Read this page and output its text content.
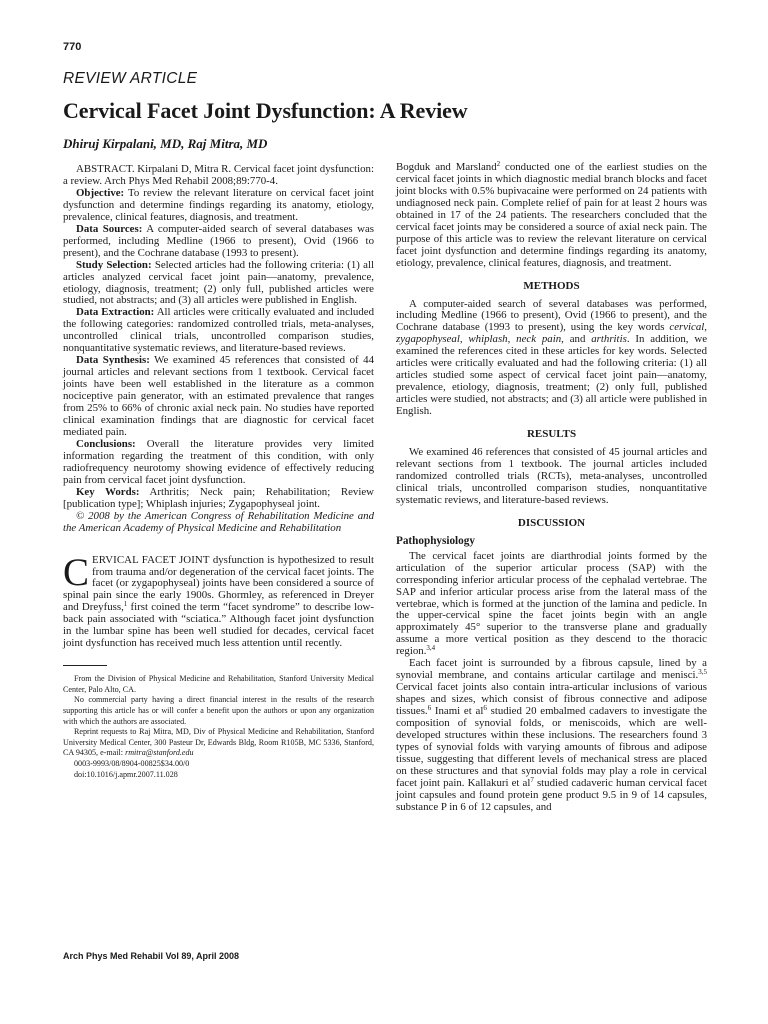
770
REVIEW ARTICLE
Cervical Facet Joint Dysfunction: A Review
Dhiruj Kirpalani, MD, Raj Mitra, MD

ABSTRACT. Kirpalani D, Mitra R. Cervical facet joint dysfunction: a review. Arch Phys Med Rehabil 2008;89:770-4.

Objective: To review the relevant literature on cervical facet joint dysfunction and determine findings regarding its anatomy, etiology, prevalence, clinical features, diagnosis, and treatment.

Data Sources: A computer-aided search of several databases was performed, including Medline (1966 to present), Ovid (1966 to present), and the Cochrane database (1993 to present).

Study Selection: Selected articles had the following criteria: (1) all articles analyzed cervical facet joint pain—anatomy, prevalence, etiology, diagnosis, treatment; (2) only full, published articles were studied, not abstracts; and (3) all articles were published in English.

Data Extraction: All articles were critically evaluated and included the following categories: randomized controlled trials, meta-analyses, uncontrolled clinical trials, uncontrolled comparison studies, nonquantitative systematic reviews, and literature-based reviews.

Data Synthesis: We examined 45 references that consisted of 44 journal articles and relevant sections from 1 textbook. Cervical facet joints have been well established in the literature as a common nociceptive pain generator, with an estimated prevalence that ranges from 25% to 66% of chronic axial neck pain. No studies have reported clinical examination findings that are diagnostic for cervical facet mediated pain.

Conclusions: Overall the literature provides very limited information regarding the treatment of this condition, with only radiofrequency neurotomy showing evidence of effectively reducing pain from cervical facet joint dysfunction.

Key Words: Arthritis; Neck pain; Rehabilitation; Review [publication type]; Whiplash injuries; Zygapophyseal joint.

© 2008 by the American Congress of Rehabilitation Medicine and the American Academy of Physical Medicine and Rehabilitation

CERVICAL FACET JOINT dysfunction is hypothesized to result from trauma and/or degeneration of the cervical facet joints. The facet (or zygapophyseal) joints have been considered a source of spinal pain since the early 1900s. Ghormley, as referenced in Dreyer and Dreyfuss,$^1$ first coined the term “facet syndrome” to describe low-back pain associated with “sciatica.” Although facet joint dysfunction in the lumbar spine has been well studied for decades, cervical facet joint dysfunction has received much less attention until recently.

From the Division of Physical Medicine and Rehabilitation, Stanford University Medical Center, Palo Alto, CA.

No commercial party having a direct financial interest in the results of the research supporting this article has or will confer a benefit upon the authors or upon any organization with which the authors are associated.

Reprint requests to Raj Mitra, MD, Div of Physical Medicine and Rehabilitation, Stanford University Medical Center, 300 Pasteur Dr, Edwards Bldg, Room R105B, MC 5336, Stanford, CA 94305, e-mail: rmitra@stanford.edu

0003-9993/08/8904-00825$34.00/0

doi:10.1016/j.apmr.2007.11.028

Bogduk and Marsland$^2$ conducted one of the earliest studies on the cervical facet joints in which diagnostic medial branch blocks and facet joint blocks with 0.5% bupivacaine were performed on 24 patients with undiagnosed neck pain. Complete relief of pain for at least 2 hours was obtained in 17 of the 24 patients. The researchers concluded that the cervical facet joints may be considered a source of axial neck pain. The purpose of this article was to review the relevant literature on cervical facet joint dysfunction and determine findings regarding its anatomy, etiology, prevalence, clinical features, diagnosis, and treatment.

METHODS

A computer-aided search of several databases was performed, including Medline (1966 to present), Ovid (1966 to present), and the Cochrane database (1993 to present), using the key words cervical, zygapophyseal, whiplash, neck pain, and arthritis. In addition, we examined the references cited in these articles for key words. Selected articles were critically evaluated and had the following criteria: (1) all articles studied some aspect of cervical facet joint pain—anatomy, prevalence, etiology, diagnosis, treatment; (2) only full, published articles were studied, not abstracts; and (3) all article were published in English.

RESULTS

We examined 46 references that consisted of 45 journal articles and relevant sections from 1 textbook. The journal articles included randomized controlled trials (RCTs), meta-analyses, uncontrolled clinical trials, uncontrolled comparison studies, nonquantitative systematic reviews, and literature-based reviews.

DISCUSSION
Pathophysiology

The cervical facet joints are diarthrodial joints formed by the articulation of the superior articular process (SAP) with the corresponding inferior articular process of the cephalad vertebrae. The SAP and inferior articular process arise from the lateral mass of the vertebrae, which is formed at the junction of the lamina and pedicle. In the upper-cervical spine the facet joints begin with an angle approximately 45° superior to the transverse plane and gradually assume a more vertical position as they descend to the thoracic region.$^{3,4}$

Each facet joint is surrounded by a fibrous capsule, lined by a synovial membrane, and contains articular cartilage and menisci.$^{3,5}$ Cervical facet joints also contain intra-articular inclusions of various shapes and sizes, which consist of fibrous connective and adipose tissues.$^6$ Inami et $al^6$ studied 20 embalmed cadavers to investigate the composition of synovial folds, or meniscoids, which are well-developed structures within these inclusions. The researchers found 3 types of synovial folds with varying amounts of fibrous and adipose tissue, suggesting that different levels of mechanical stress are placed on these structures and that synovial folds may play a role in cervical facet joint pain. Kallakuri et $al^7$ studied cadaveric human cervical facet joint capsules and found protein gene product 9.5 in 9 of 14 capsules, substance P in 6 of 12 capsules, and

Arch Phys Med Rehabil Vol 89, April 2008
